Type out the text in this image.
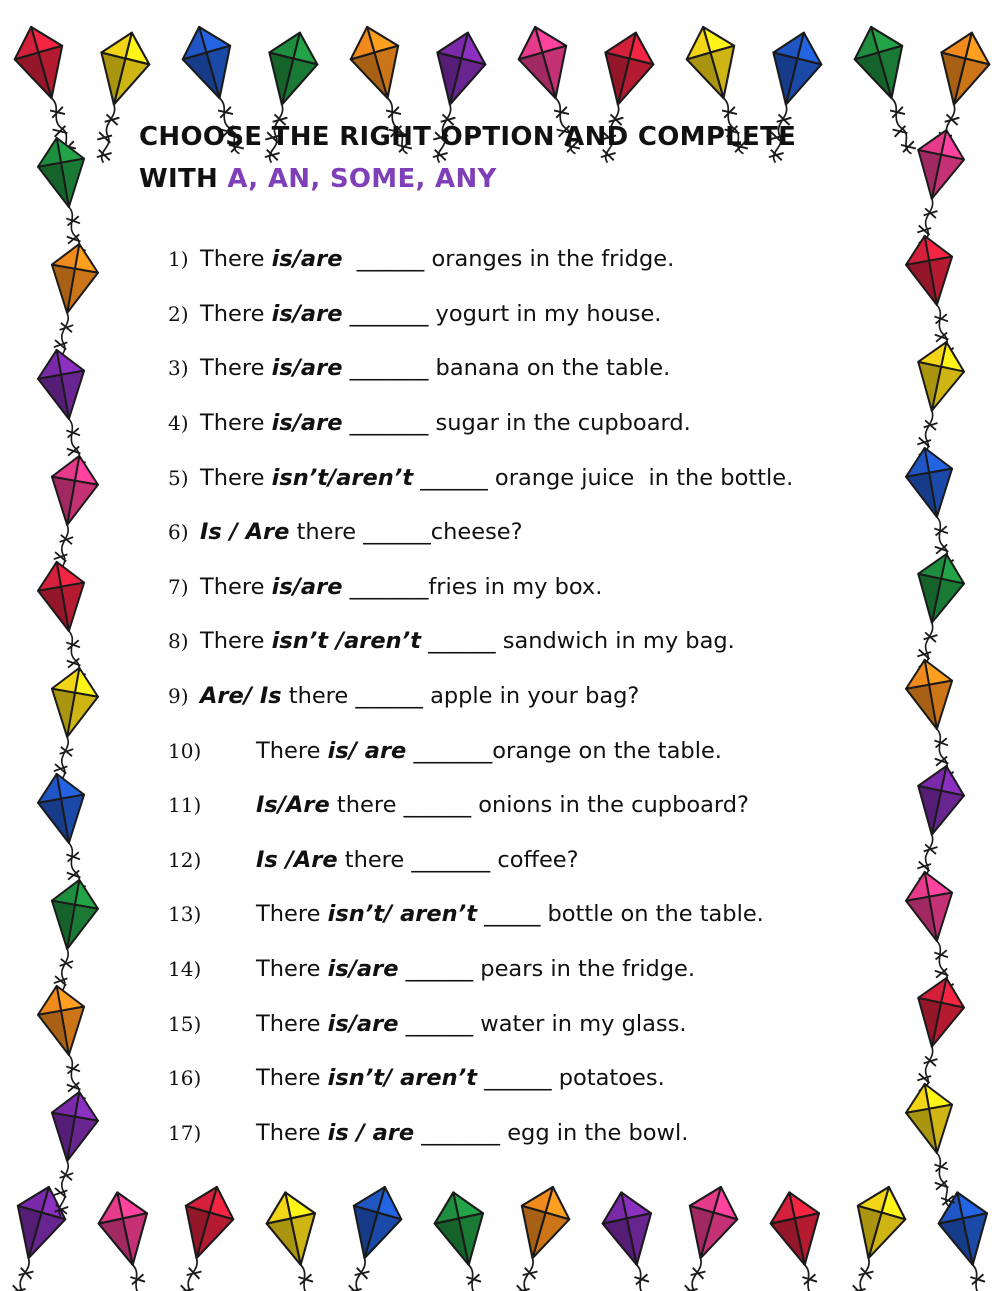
CHOOSE THE RIGHT OPTION AND COMPLETE
WITH A, AN, SOME, ANY
1) There is/are  ______ oranges in the fridge.
2) There is/are _______ yogurt in my house.
3) There is/are _______ banana on the table.
4) There is/are _______ sugar in the cupboard.
5) There isn’t/aren’t ______ orange juice  in the bottle.
6) Is / Are there ______cheese?
7) There is/are _______fries in my box.
8) There isn’t /aren’t ______ sandwich in my bag.
9) Are/ Is there ______ apple in your bag?
10)	There is/ are _______orange on the table.
11)	Is/Are there ______ onions in the cupboard?
12)	Is /Are there _______ coffee?
13)	There isn’t/ aren’t _____ bottle on the table.
14)	There is/are ______ pears in the fridge.
15)	There is/are ______ water in my glass.
16)	There isn’t/ aren’t ______ potatoes.
17)	There is / are _______ egg in the bowl.
